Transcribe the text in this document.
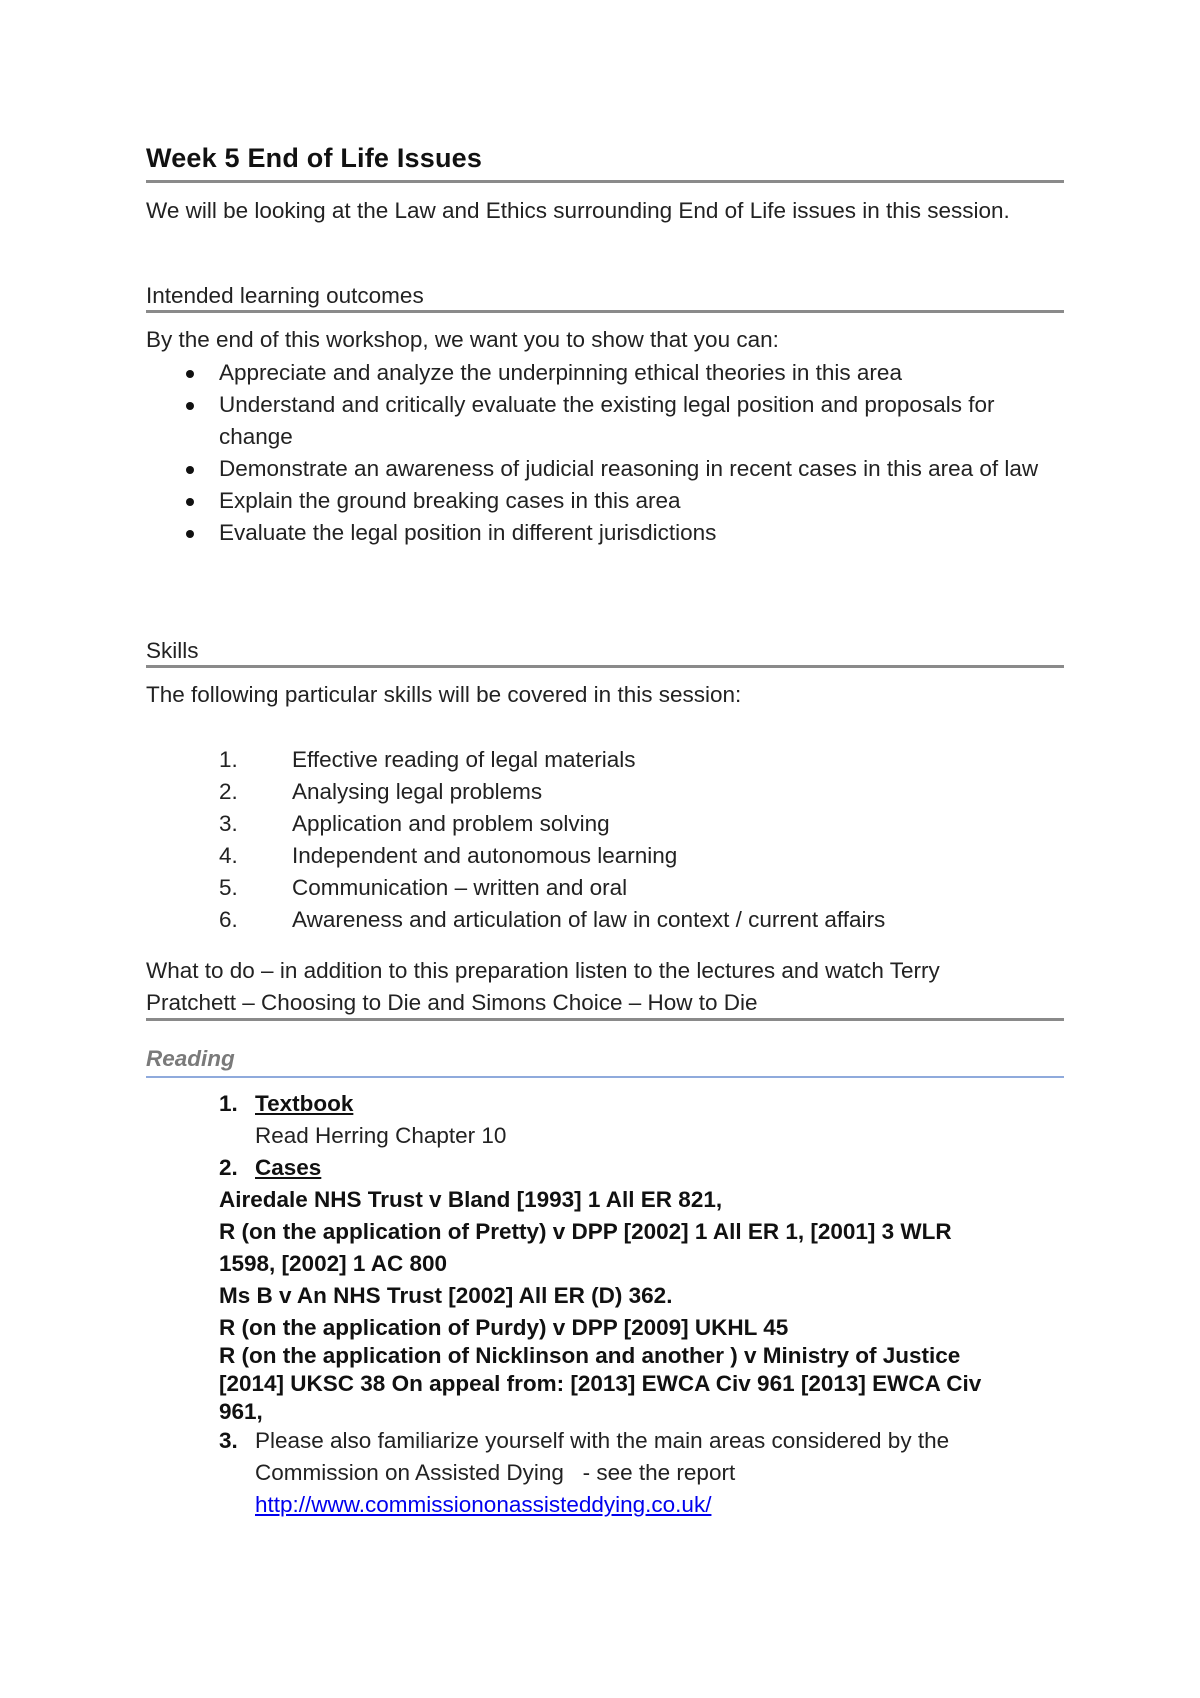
Week 5 End of Life Issues
We will be looking at the Law and Ethics surrounding End of Life issues in this session.
Intended learning outcomes
By the end of this workshop, we want you to show that you can:
Appreciate and analyze the underpinning ethical theories in this area
Understand and critically evaluate the existing legal position and proposals for change
Demonstrate an awareness of judicial reasoning in recent cases in this area of law
Explain the ground breaking cases in this area
Evaluate the legal position in different jurisdictions
Skills
The following particular skills will be covered in this session:
1. Effective reading of legal materials
2. Analysing legal problems
3. Application and problem solving
4. Independent and autonomous learning
5. Communication – written and oral
6. Awareness and articulation of law in context / current affairs
What to do – in addition to this preparation listen to the lectures and watch Terry
Pratchett – Choosing to Die and Simons Choice – How to Die
Reading
1. Textbook
Read Herring Chapter 10
2. Cases
Airedale NHS Trust v Bland [1993] 1 All ER 821,
R (on the application of Pretty) v DPP [2002] 1 All ER 1, [2001] 3 WLR
1598, [2002] 1 AC 800
Ms B v An NHS Trust [2002] All ER (D) 362.
R (on the application of Purdy) v DPP [2009] UKHL 45
R (on the application of Nicklinson and another ) v Ministry of Justice
[2014] UKSC 38 On appeal from: [2013] EWCA Civ 961 [2013] EWCA Civ
961,
3. Please also familiarize yourself with the main areas considered by the
Commission on Assisted Dying   - see the report
http://www.commissiononassisteddying.co.uk/
